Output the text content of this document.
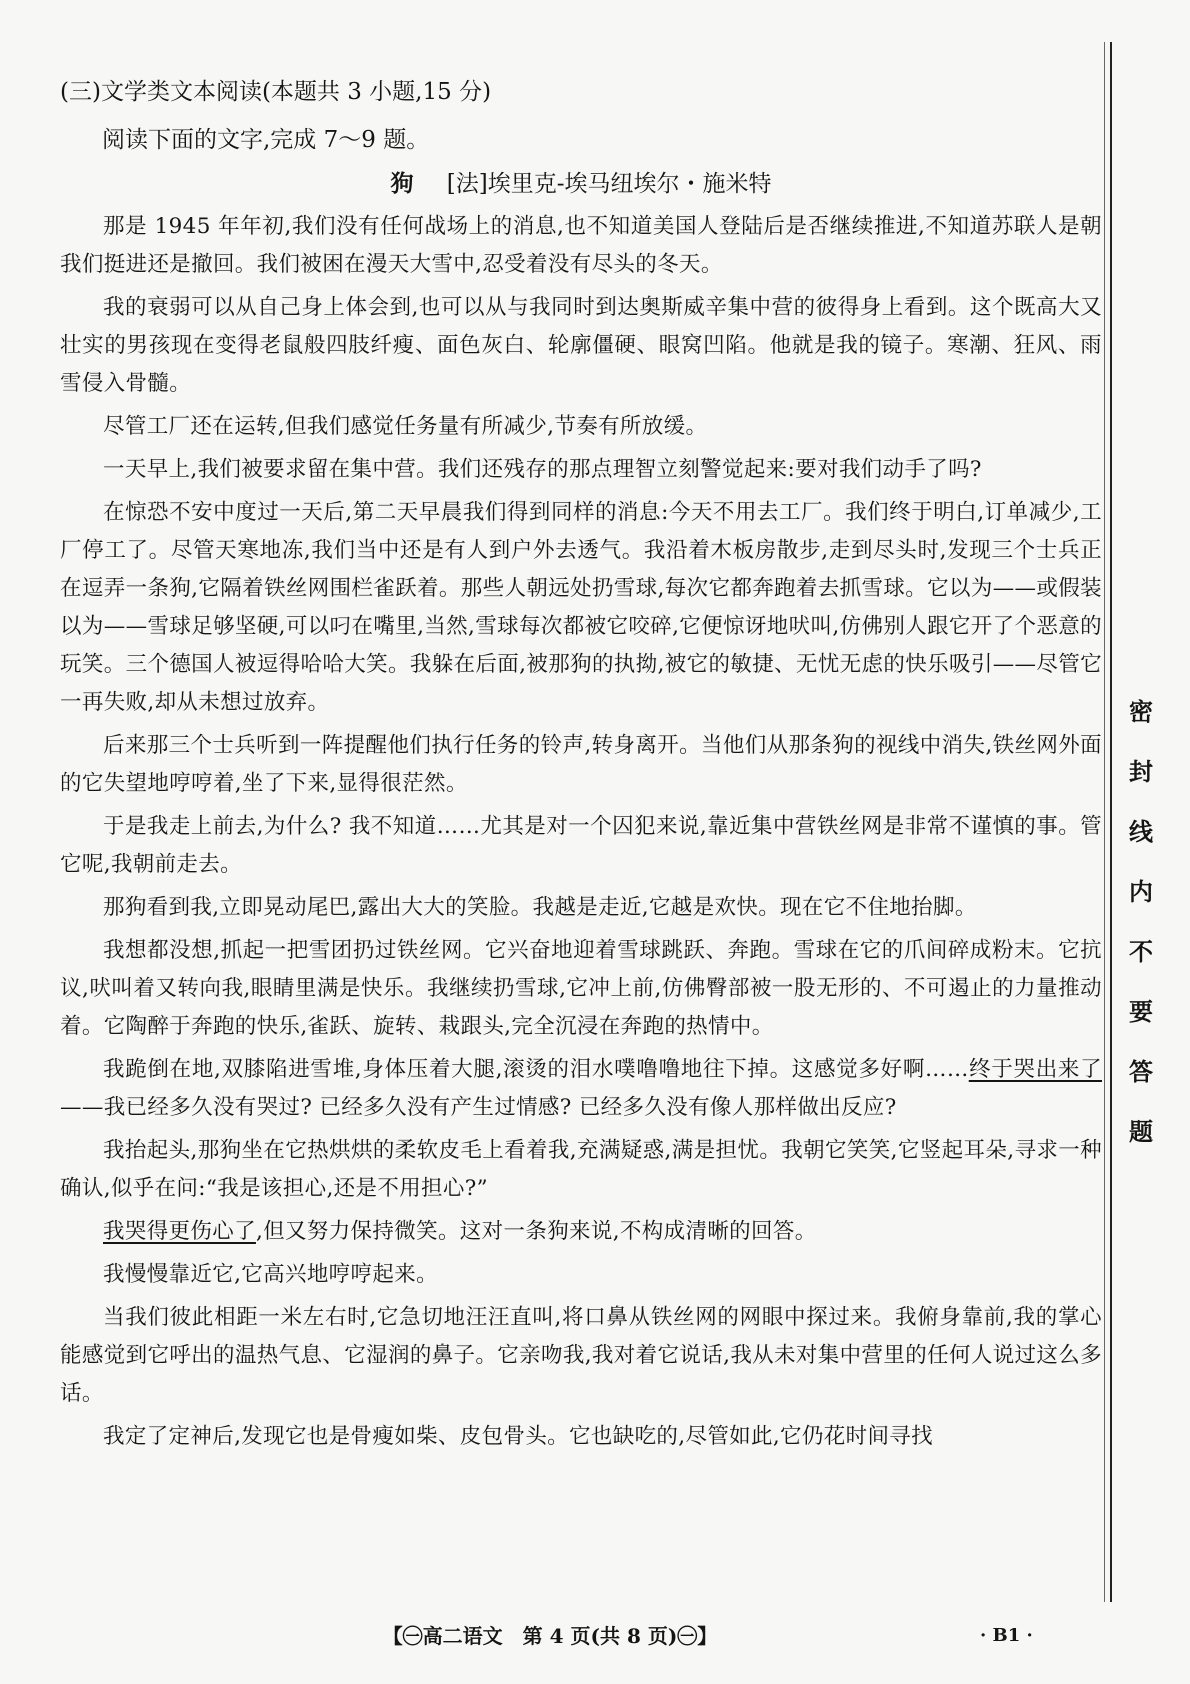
(三)文学类文本阅读(本题共 3 小题,15 分)

阅读下面的文字,完成 7～9 题。

狗 [法]埃里克-埃马纽埃尔・施米特

那是 1945 年年初,我们没有任何战场上的消息,也不知道美国人登陆后是否继续推进,不知道苏联人是朝我们挺进还是撤回。我们被困在漫天大雪中,忍受着没有尽头的冬天。

我的衰弱可以从自己身上体会到,也可以从与我同时到达奥斯威辛集中营的彼得身上看到。这个既高大又壮实的男孩现在变得老鼠般四肢纤瘦、面色灰白、轮廓僵硬、眼窝凹陷。他就是我的镜子。寒潮、狂风、雨雪侵入骨髓。

尽管工厂还在运转,但我们感觉任务量有所减少,节奏有所放缓。

一天早上,我们被要求留在集中营。我们还残存的那点理智立刻警觉起来:要对我们动手了吗?

在惊恐不安中度过一天后,第二天早晨我们得到同样的消息:今天不用去工厂。我们终于明白,订单减少,工厂停工了。尽管天寒地冻,我们当中还是有人到户外去透气。我沿着木板房散步,走到尽头时,发现三个士兵正在逗弄一条狗,它隔着铁丝网围栏雀跃着。那些人朝远处扔雪球,每次它都奔跑着去抓雪球。它以为——或假装以为——雪球足够坚硬,可以叼在嘴里,当然,雪球每次都被它咬碎,它便惊讶地吠叫,仿佛别人跟它开了个恶意的玩笑。三个德国人被逗得哈哈大笑。我躲在后面,被那狗的执拗,被它的敏捷、无忧无虑的快乐吸引——尽管它一再失败,却从未想过放弃。

后来那三个士兵听到一阵提醒他们执行任务的铃声,转身离开。当他们从那条狗的视线中消失,铁丝网外面的它失望地哼哼着,坐了下来,显得很茫然。

于是我走上前去,为什么? 我不知道……尤其是对一个囚犯来说,靠近集中营铁丝网是非常不谨慎的事。管它呢,我朝前走去。

那狗看到我,立即晃动尾巴,露出大大的笑脸。我越是走近,它越是欢快。现在它不住地抬脚。

我想都没想,抓起一把雪团扔过铁丝网。它兴奋地迎着雪球跳跃、奔跑。雪球在它的爪间碎成粉末。它抗议,吠叫着又转向我,眼睛里满是快乐。我继续扔雪球,它冲上前,仿佛臀部被一股无形的、不可遏止的力量推动着。它陶醉于奔跑的快乐,雀跃、旋转、栽跟头,完全沉浸在奔跑的热情中。

我跪倒在地,双膝陷进雪堆,身体压着大腿,滚烫的泪水噗噜噜地往下掉。这感觉多好啊……终于哭出来了——我已经多久没有哭过? 已经多久没有产生过情感? 已经多久没有像人那样做出反应?

我抬起头,那狗坐在它热烘烘的柔软皮毛上看着我,充满疑惑,满是担忧。我朝它笑笑,它竖起耳朵,寻求一种确认,似乎在问:“我是该担心,还是不用担心?”

我哭得更伤心了,但又努力保持微笑。这对一条狗来说,不构成清晰的回答。

我慢慢靠近它,它高兴地哼哼起来。

当我们彼此相距一米左右时,它急切地汪汪直叫,将口鼻从铁丝网的网眼中探过来。我俯身靠前,我的掌心能感觉到它呼出的温热气息、它湿润的鼻子。它亲吻我,我对着它说话,我从未对集中营里的任何人说过这么多话。

我定了定神后,发现它也是骨瘦如柴、皮包骨头。它也缺吃的,尽管如此,它仍花时间寻找

密
封
线
内
不
要
答
题
【㊀高二语文　第 4 页(共 8 页)㊀】	· B1 ·
